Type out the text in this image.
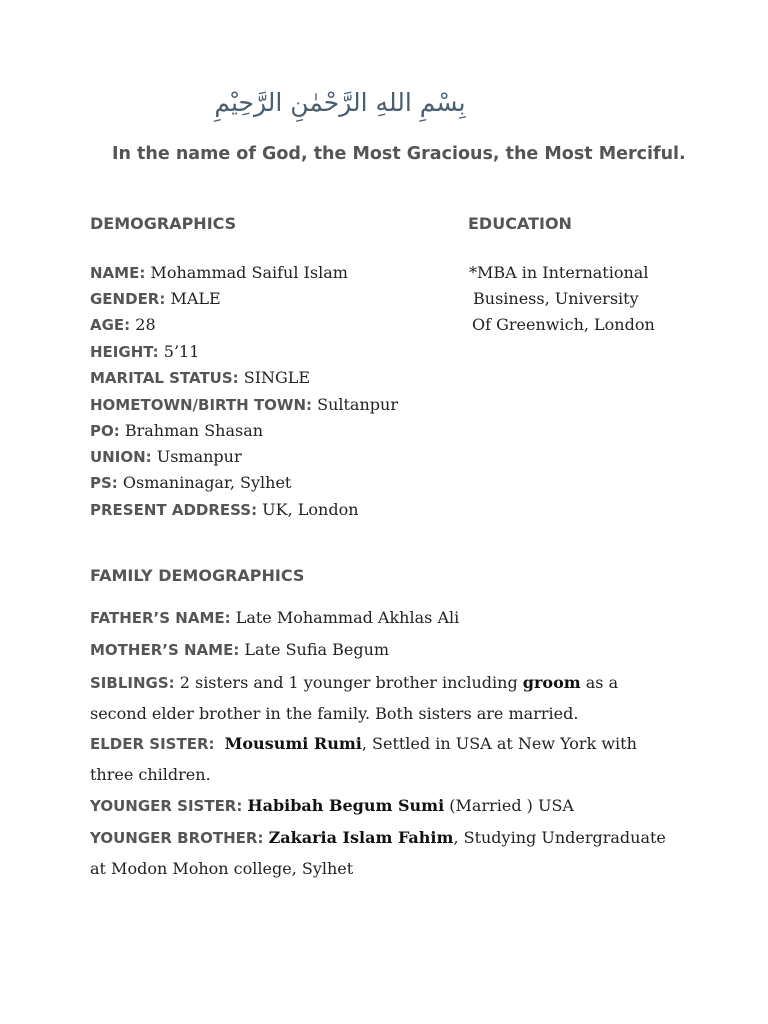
بِسْمِ اللهِ الرَّحْمٰنِ الرَّحِيْمِ
In the name of God, the Most Gracious, the Most Merciful.
DEMOGRAPHICS
NAME: Mohammad Saiful Islam
GENDER: MALE
AGE: 28
HEIGHT: 5’11
MARITAL STATUS: SINGLE
HOMETOWN/BIRTH TOWN: Sultanpur
PO: Brahman Shasan
UNION: Usmanpur
PS: Osmaninagar, Sylhet
PRESENT ADDRESS: UK, London
EDUCATION
*MBA in International
Business, University
Of Greenwich, London
FAMILY DEMOGRAPHICS
FATHER’S NAME: Late Mohammad Akhlas Ali
MOTHER’S NAME: Late Sufia Begum
SIBLINGS: 2 sisters and 1 younger brother including groom as a second elder brother in the family. Both sisters are married.
ELDER SISTER: Mousumi Rumi, Settled in USA at New York with three children.
YOUNGER SISTER: Habibah Begum Sumi (Married ) USA
YOUNGER BROTHER: Zakaria Islam Fahim, Studying Undergraduate at Modon Mohon college, Sylhet
